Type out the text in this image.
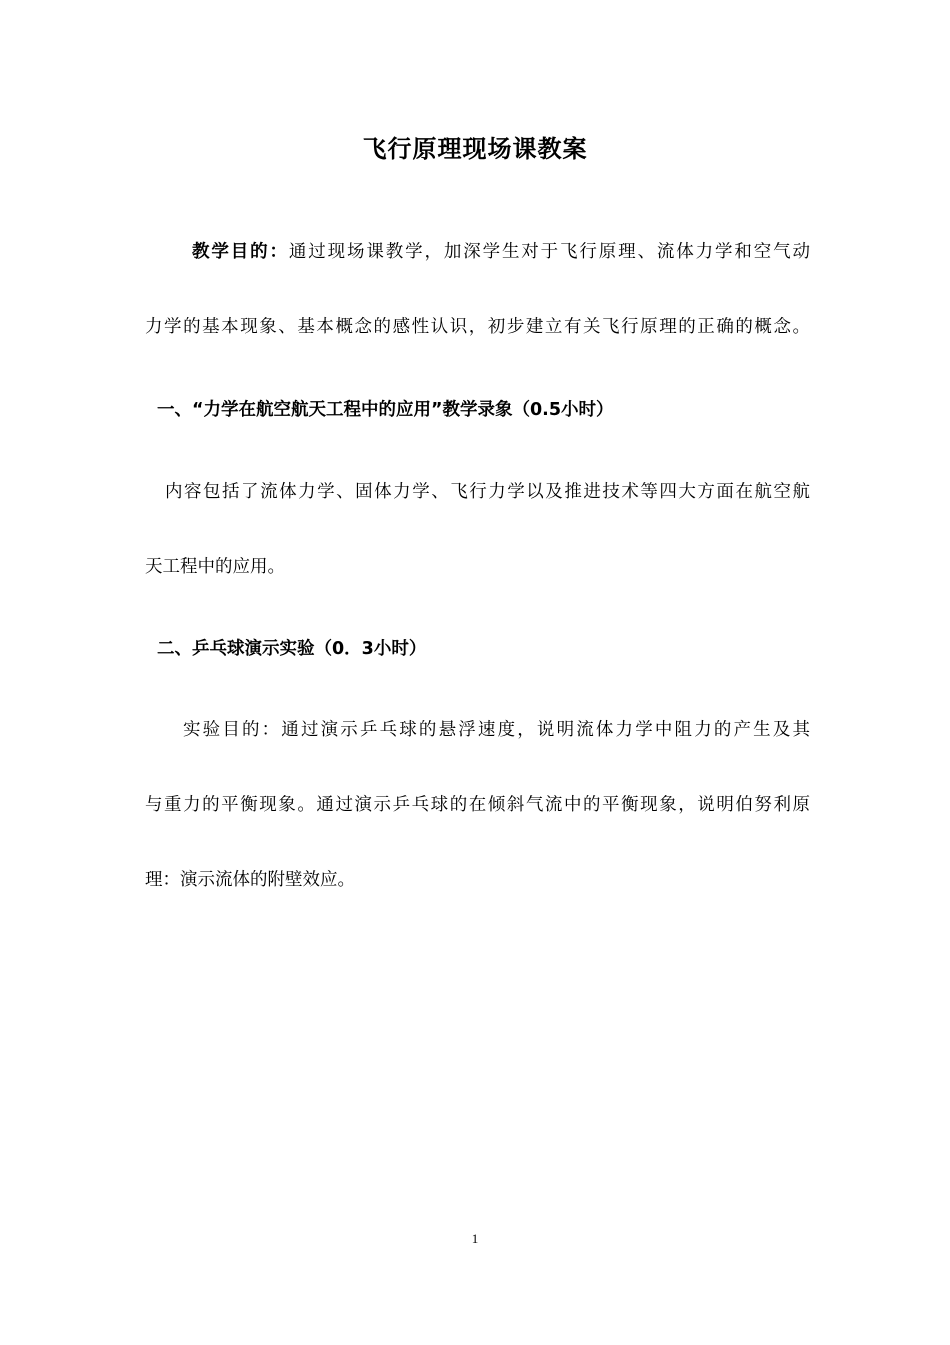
飞行原理现场课教案
教学目的：通过现场课教学，加深学生对于飞行原理、流体力学和空气动
力学的基本现象、基本概念的感性认识，初步建立有关飞行原理的正确的概念。
一、“力学在航空航天工程中的应用”教学录象（0.5小时）
内容包括了流体力学、固体力学、飞行力学以及推进技术等四大方面在航空航
天工程中的应用。
二、乒乓球演示实验（0．3小时）
实验目的：通过演示乒乓球的悬浮速度，说明流体力学中阻力的产生及其
与重力的平衡现象。通过演示乒乓球的在倾斜气流中的平衡现象，说明伯努利原
理：演示流体的附壁效应。
1
